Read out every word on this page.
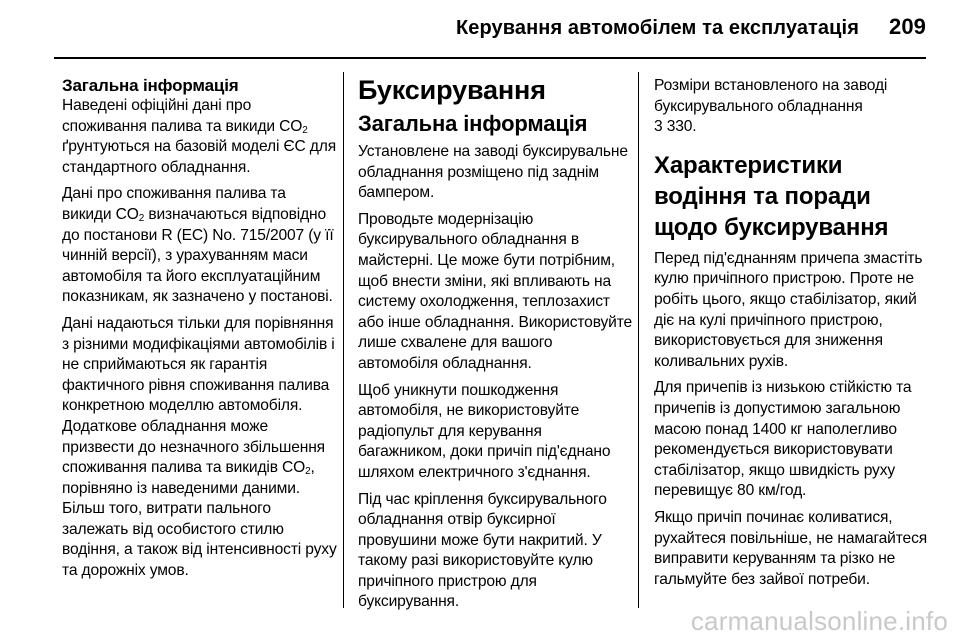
Керування автомобілем та експлуатація 209
Загальна інформація

Наведені офіційні дані про споживання палива та викиди $CO_2$ ґрунтуються на базовій моделі ЄС для стандартного обладнання.

Дані про споживання палива та викиди $CO_2$ визначаються відповідно до постанови R (ЕС) No. 715/2007 (у її чинній версії), з урахуванням маси автомобіля та його експлуатаційним показникам, як зазначено у постанові.

Дані надаються тільки для порівняння з різними модифікаціями автомобілів і не сприймаються як гарантія фактичного рівня споживання палива конкретною моделлю автомобіля. Додаткове обладнання може призвести до незначного збільшення споживання палива та викидів $CO_2$, порівняно із наведеними даними. Більш того, витрати пального залежать від особистого стилю водіння, а також від інтенсивності руху та дорожніх умов.

Буксирування
Загальна інформація

Установлене на заводі буксирувальне обладнання розміщено під заднім бампером.

Проводьте модернізацію буксирувального обладнання в майстерні. Це може бути потрібним, щоб внести зміни, які впливають на систему охолодження, теплозахист або інше обладнання. Використовуйте лише схвалене для вашого автомобіля обладнання.

Щоб уникнути пошкодження автомобіля, не використовуйте радіопульт для керування багажником, доки причіп під'єднано шляхом електричного з'єднання.

Під час кріплення буксирувального обладнання отвір буксирної провушини може бути накритий. У такому разі використовуйте кулю причіпного пристрою для буксирування.

Розміри встановленого на заводі буксирувального обладнання

3 330.

Характеристики водіння та поради щодо буксирування

Перед під'єднанням причепа змастіть кулю причіпного пристрою. Проте не робіть цього, якщо стабілізатор, який діє на кулі причіпного пристрою, використовується для зниження коливальних рухів.

Для причепів із низькою стійкістю та причепів із допустимою загальною масою понад 1400 кг наполегливо рекомендується використовувати стабілізатор, якщо швидкість руху перевищує 80 км/год.

Якщо причіп починає коливатися, рухайтеся повільніше, не намагайтеся виправити керуванням та різко не гальмуйте без зайвої потреби.

carmanualsonline.info
